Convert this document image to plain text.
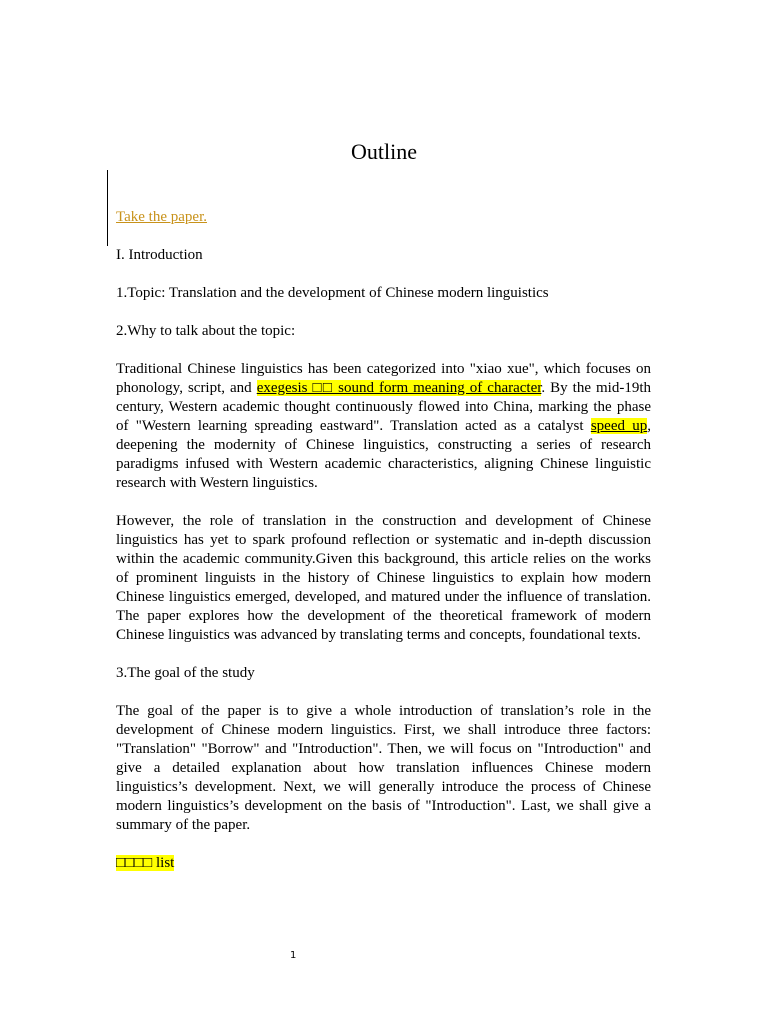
Outline

Take the paper.

I. Introduction

1.Topic: Translation and the development of Chinese modern linguistics

2.Why to talk about the topic:

Traditional Chinese linguistics has been categorized into "xiao xue", which focuses on phonology, script, and exegesis □□ sound form meaning of character. By the mid-19th century, Western academic thought continuously flowed into China, marking the phase of "Western learning spreading eastward". Translation acted as a catalyst speed up, deepening the modernity of Chinese linguistics, constructing a series of research paradigms infused with Western academic characteristics, aligning Chinese linguistic research with Western linguistics.

However, the role of translation in the construction and development of Chinese linguistics has yet to spark profound reflection or systematic and in-depth discussion within the academic community.Given this background, this article relies on the works of prominent linguists in the history of Chinese linguistics to explain how modern Chinese linguistics emerged, developed, and matured under the influence of translation. The paper explores how the development of the theoretical framework of modern Chinese linguistics was advanced by translating terms and concepts, foundational texts.

3.The goal of the study

The goal of the paper is to give a whole introduction of translation’s role in the development of Chinese modern linguistics. First, we shall introduce three factors: "Translation" "Borrow" and "Introduction". Then, we will focus on "Introduction" and give a detailed explanation about how translation influences Chinese modern linguistics’s development. Next, we will generally introduce the process of Chinese modern linguistics’s development on the basis of "Introduction". Last, we shall give a summary of the paper.

□□□□ list

1
